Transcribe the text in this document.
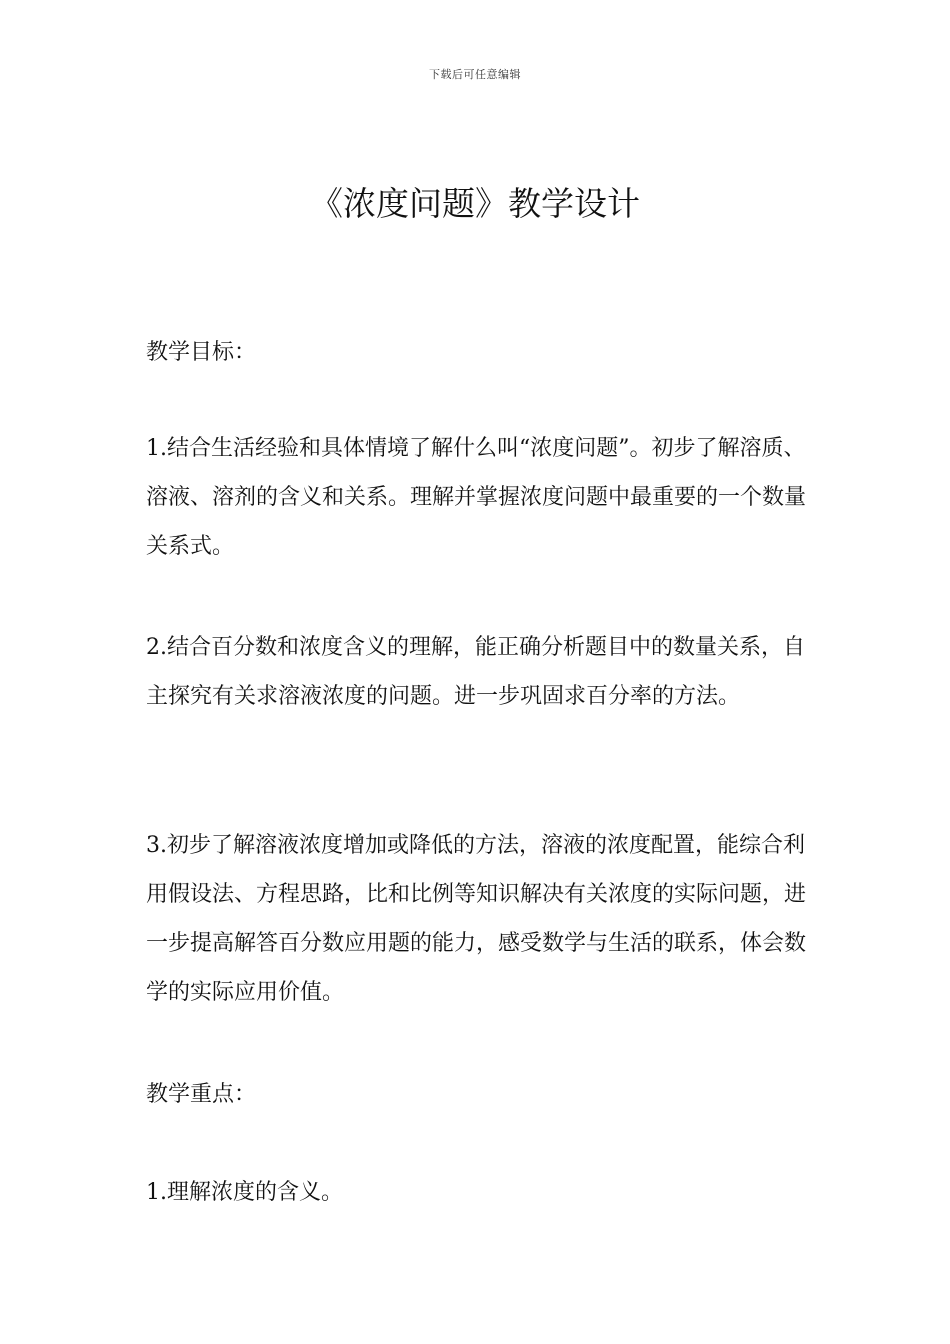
下载后可任意编辑
《浓度问题》教学设计

教学目标：

1.结合生活经验和具体情境了解什么叫“浓度问题”。初步了解溶质、溶液、溶剂的含义和关系。理解并掌握浓度问题中最重要的一个数量关系式。

2.结合百分数和浓度含义的理解，能正确分析题目中的数量关系，自主探究有关求溶液浓度的问题。进一步巩固求百分率的方法。

3.初步了解溶液浓度增加或降低的方法，溶液的浓度配置，能综合利用假设法、方程思路，比和比例等知识解决有关浓度的实际问题，进一步提高解答百分数应用题的能力，感受数学与生活的联系，体会数学的实际应用价值。

教学重点：

1.理解浓度的含义。
